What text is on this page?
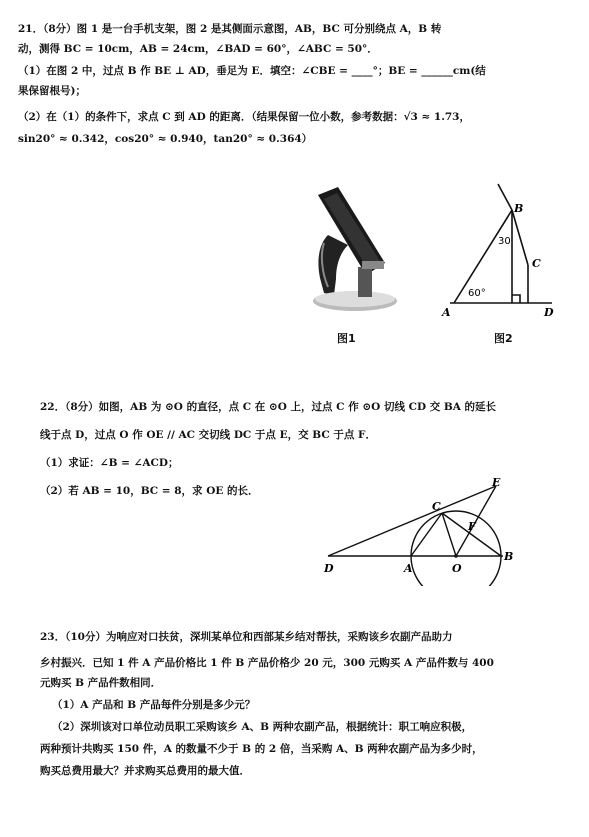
21．（8分）图 1 是一台手机支架，图 2 是其侧面示意图，AB，BC 可分别绕点 A，B 转
动，测得 BC = 10cm，AB = 24cm，∠BAD = 60°，∠ABC = 50°．
（1）在图 2 中，过点 B 作 BE ⊥ AD，垂足为 E．填空：∠CBE = ____°；BE = ______cm(结
果保留根号)；
（2）在（1）的条件下，求点 C 到 AD 的距离．（结果保留一位小数，参考数据：√3 ≈ 1.73，
sin20° ≈ 0.342，cos20° ≈ 0.940，tan20° ≈ 0.364）
图1
B
C
A	D
30
60°
图2
22．（8分）如图，AB 为 ⊙O 的直径，点 C 在 ⊙O 上，过点 C 作 ⊙O 切线 CD 交 BA 的延长
线于点 D，过点 O 作 OE // AC 交切线 DC 于点 E，交 BC 于点 F．
（1）求证：∠B = ∠ACD；
（2）若 AB = 10，BC = 8，求 OE 的长．
D	A	O
B
C
E
F
23．（10分）为响应对口扶贫，深圳某单位和西部某乡结对帮扶，采购该乡农副产品助力
乡村振兴．已知 1 件 A 产品价格比 1 件 B 产品价格少 20 元，300 元购买 A 产品件数与 400
元购买 B 产品件数相同．
（1）A 产品和 B 产品每件分别是多少元？
（2）深圳该对口单位动员职工采购该乡 A、B 两种农副产品，根据统计：职工响应积极，
两种预计共购买 150 件，A 的数量不少于 B 的 2 倍，当采购 A、B 两种农副产品为多少时，
购买总费用最大？并求购买总费用的最大值．
